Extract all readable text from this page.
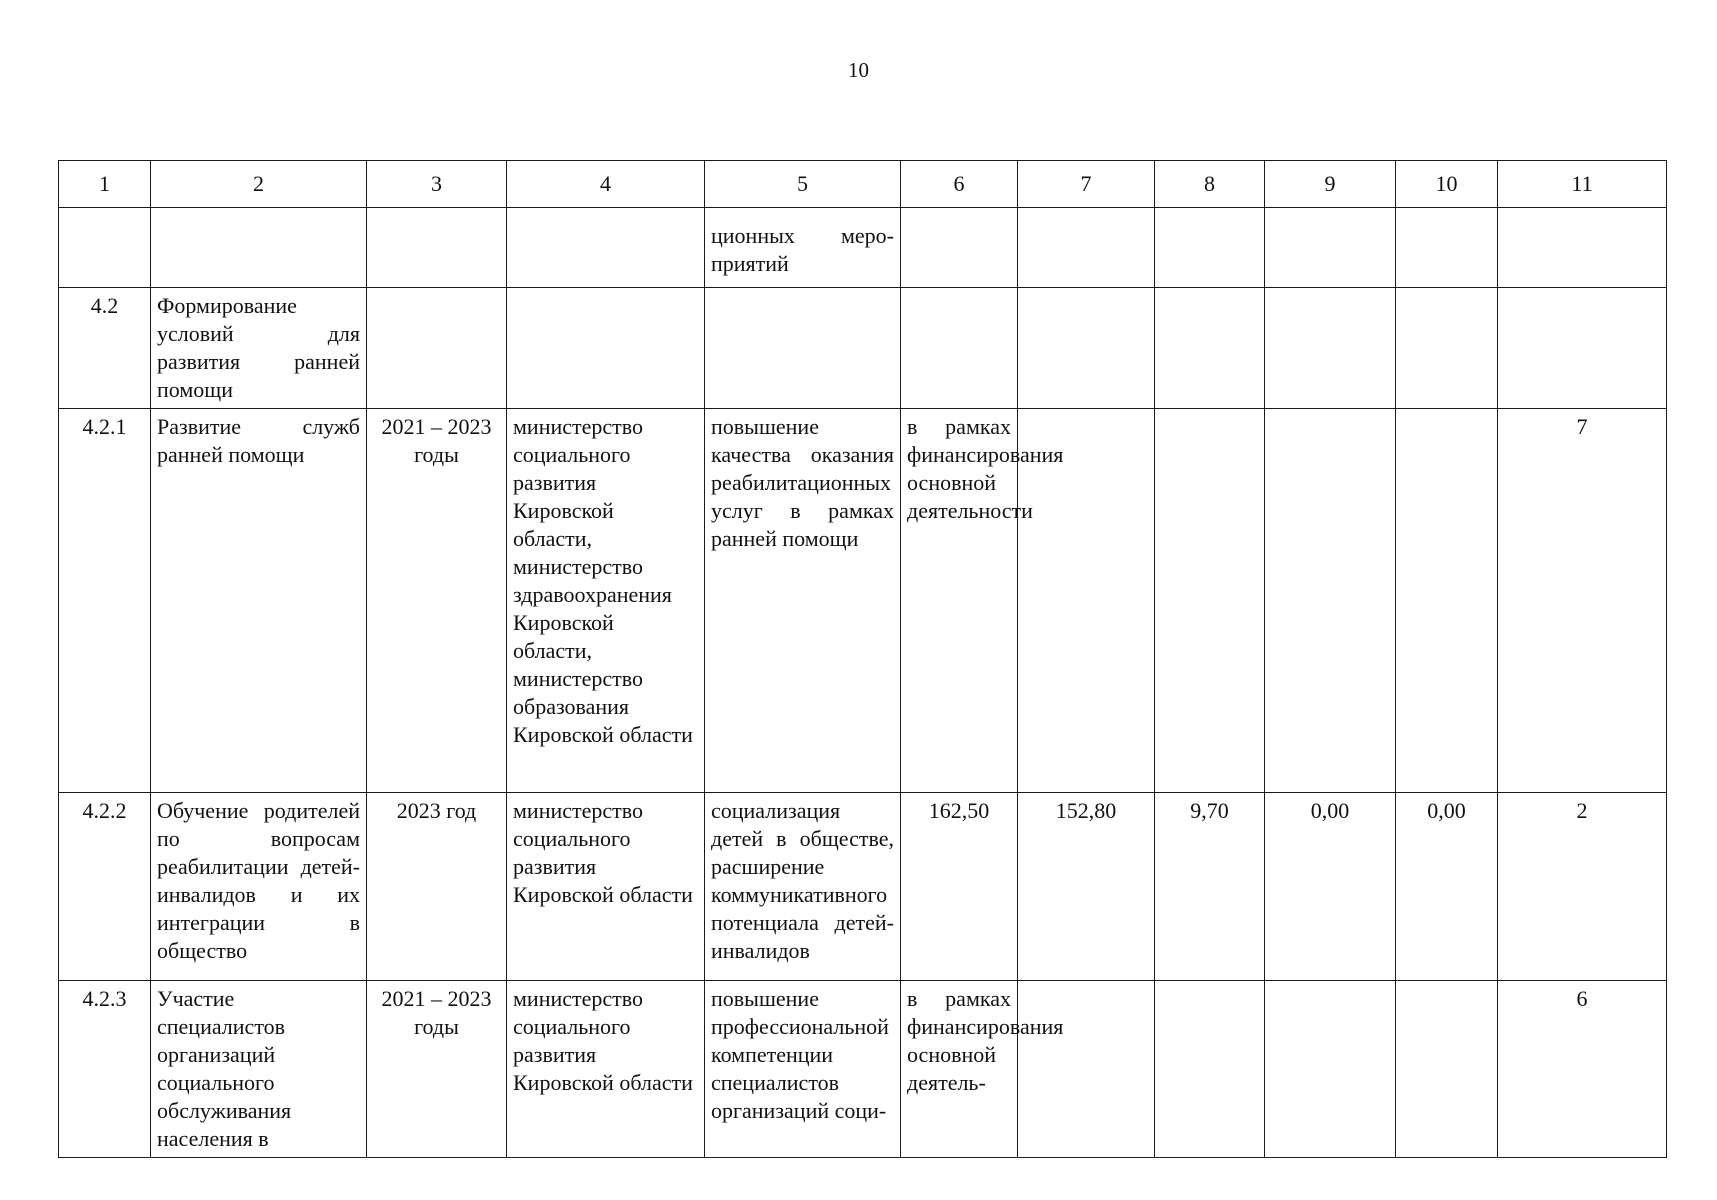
10
1	2	3	4	5	6	7	8	9	10	11
				ционных меро-приятий						
4.2	Формирование условий для развития ранней помощи									
4.2.1	Развитие служб ранней помощи	2021 – 2023 годы	министерство социального развития Кировской области, министерство здравоохранения Кировской области, министерство образования Кировской области	повышение качества оказания реабилитационных услуг в рамках ранней помощи	в рамках финансирования основной деятельности					7
4.2.2	Обучение родителей по вопросам реабилитации детей-инвалидов и их интеграции в общество	2023 год	министерство социального развития Кировской области	социализация детей в обществе, расширение коммуникативного потенциала детей-инвалидов	162,50	152,80	9,70	0,00	0,00	2
4.2.3	Участие специалистов организаций социального обслуживания населения в	2021 – 2023 годы	министерство социального развития Кировской области	повышение профессиональной компетенции специалистов организаций соци-	в рамках финансирования основной деятель-					6
